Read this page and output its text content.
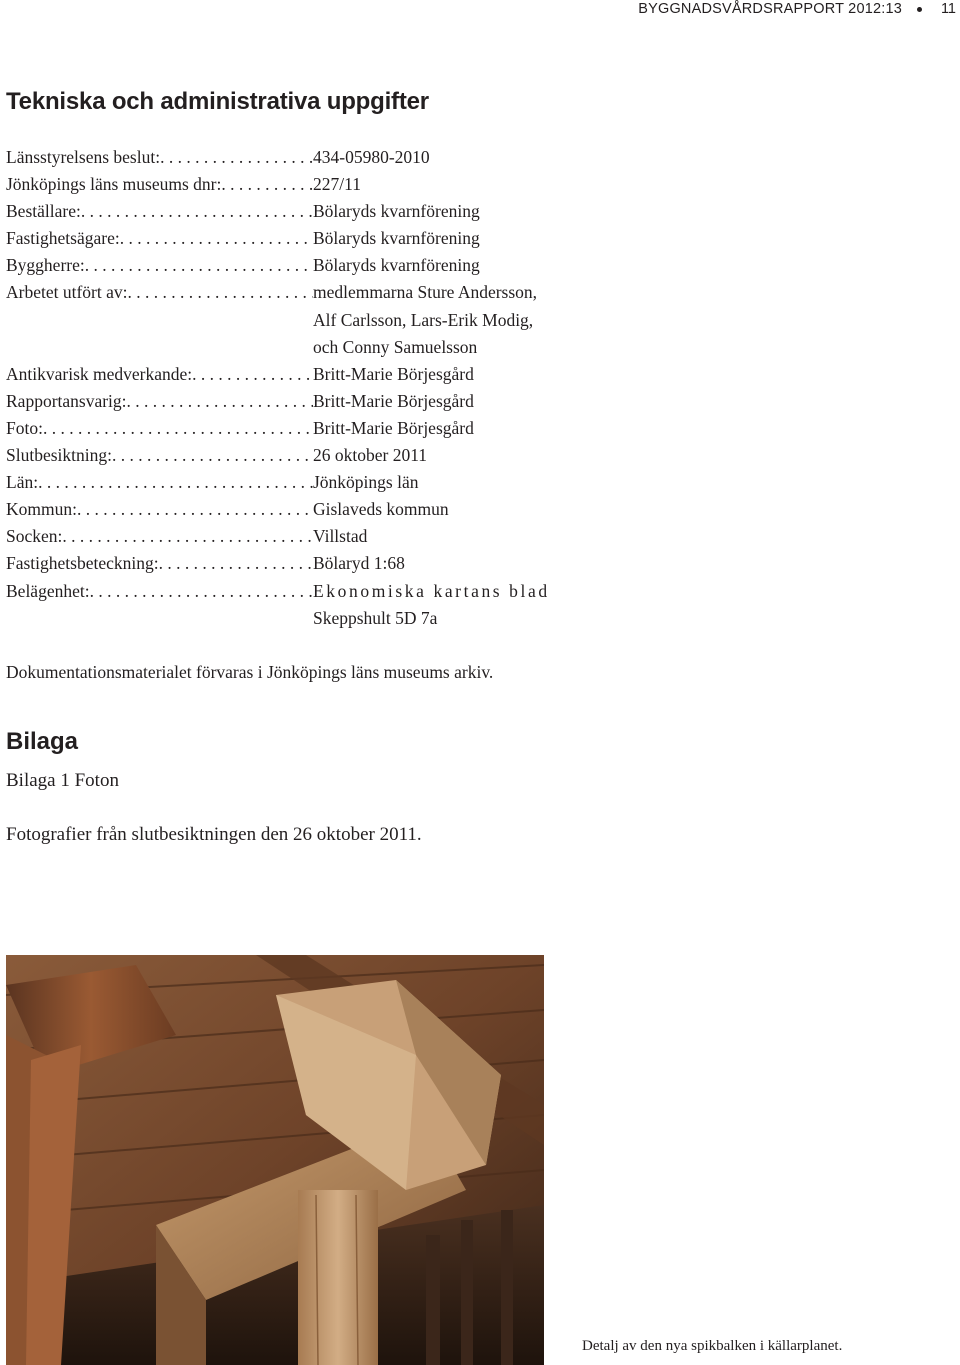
BYGGNADSVÅRDSRAPPORT 2012:13	11
Tekniska och administrativa uppgifter
Länsstyrelsens beslut: . . .	434-05980-2010
Jönköpings läns museums dnr: . . .	227/11
Beställare: . . .	Bölaryds kvarnförening
Fastighetsägare: . . .	Bölaryds kvarnförening
Byggherre: . . .	Bölaryds kvarnförening
Arbetet utfört av: . . .	medlemmarna Sture Andersson,
Alf Carlsson, Lars-Erik Modig,
och Conny Samuelsson
Antikvarisk medverkande: . . .	Britt-Marie Börjesgård
Rapportansvarig: . . .	Britt-Marie Börjesgård
Foto: . . .	Britt-Marie Börjesgård
Slutbesiktning: . . .	26 oktober 2011
Län: . . .	Jönköpings län
Kommun: . . .	Gislaveds kommun
Socken: . . .	Villstad
Fastighetsbeteckning: . . .	Bölaryd 1:68
Belägenhet: . . .	Ekonomiska kartans blad
Skeppshult 5D 7a

Dokumentationsmaterialet förvaras i Jönköpings läns museums arkiv.

Bilaga

Bilaga 1 Foton

Fotografier från slutbesiktningen den 26 oktober 2011.

Detalj av den nya spikbalken i källarplanet.
